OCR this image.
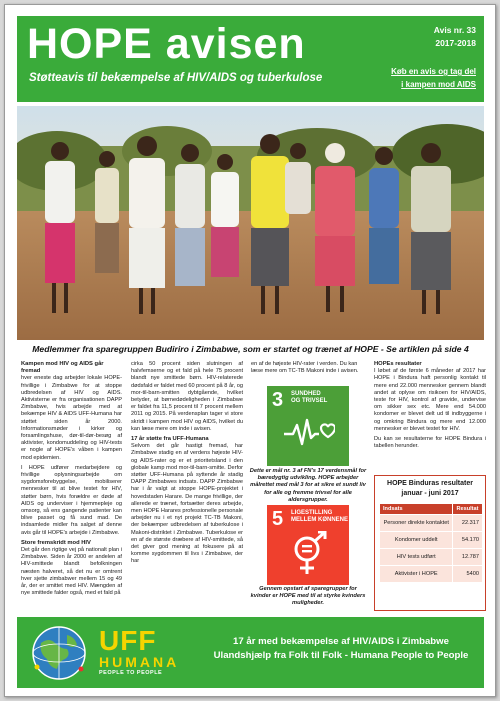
HOPE avisen
Støtteavis til bekæmpelse af HIV/AIDS og tuberkulose
Avis nr. 33
2017-2018
Køb en avis og tag del
i kampen mod AIDS
Medlemmer fra sparegruppen Budiriro i Zimbabwe, som er startet og trænet af HOPE - Se artiklen på side 4
Kampen mod HIV og AIDS går fremad

hver eneste dag arbejder lokale HOPE-frivillige i Zimbabwe for at stoppe udbredelsen af HIV og AIDS. Aktivisterne er fra organisationen DAPP Zimbabwe, hvis arbejde med at bekæmpe HIV & AIDS UFF-Humana har støttet siden år 2000. Informationsmøder i kirker og forsamlingshuse, dør-til-dør-besøg af aktivister, kondomuddeling og HIV-tests er nogle af HOPE's våben i kampen mod epidemien.

I HOPE udfører medarbejdere og frivillige oplysningsarbejde om sygdomsforebyggelse, mobiliserer mennesker til at blive testet for HIV, støtter børn, hvis forældre er døde af AIDS og underviser i hjemmepleje og omsorg, så ens gangende patienter kan blive passet og få sund mad. De indsamlede midler fra salget af denne avis går til HOPE's arbejde i Zimbabwe.

Store fremskridt mod HIV

Det går den rigtige vej på nationalt plan i Zimbabwe. Siden år 2000 er andelen af HIV-smittede blandt befolkningen næsten halveret, så det nu er omtrent hver sjette zimbabwer mellem 15 og 49 år, der er smittet med HIV. Mængden af nye smittede falder også, med et fald på

cirka 50 procent siden slutningen af halvfemserne og et fald på hele 75 procent blandt nye smittede børn. HIV-relaterede dødsfald er faldet med 60 procent på 8 år, og mor-til-barn-smitten dybtgående, hvilket betyder, at børnedødeligheden i Zimbabwe er faldet fra 11,5 procent til 7 procent mellem 2011 og 2015. På verdensplan tager vi store skridt i kampen mod HIV og AIDS, hvilket du kan læse mere om inde i avisen.

17 år støtte fra UFF-Humana

Selvom det går hastigt fremad, har Zimbabwe stadig en af verdens højeste HIV- og AIDS-rater og er et prioritetsland i den globale kamp mod mor-til-barn-smitte. Derfor støtter UFF-Humana på syttende år stadig DAPP Zimbabwes indsats. DAPP Zimbabwe har i år valgt at stoppe HOPE-projektet i hovedstaden Harare. De mange frivillige, der allerede er trænet, fortsætter deres arbejde, men HOPE Harares professionelle personale arbejder nu i et nyt projekt TC-TB Makoni, der bekæmper udbredelsen af tuberkulose i Makoni-distriktet i Zimbabwe. Tuberkulose er en af de største dræbere af HIV-smittede, så det giver god mening at fokusere på at komme sygdommen til livs i Zimbabwe, der har

en af de højeste HIV-rater i verden. Du kan læse mere om TC-TB Makoni inde i avisen.

3 SUNDHED
OG TRIVSEL
Dette er mål nr. 3 af FN's 17 verdensmål for bæredygtig udvikling. HOPE arbejder målrettet med mål 3 for at sikre et sundt liv for alle og fremme trivsel for alle aldersgrupper.
5 LIGESTILLING
MELLEM KØNNENE
Gennem opstart af sparegrupper for kvinder er HOPE med til at styrke kvinders muligheder.
HOPEs resultater

I løbet af de første 6 måneder af 2017 har HOPE i Bindura haft personlig kontakt til mere end 22.000 mennesker gennem blandt andet at oplyse om risikoen for HIV/AIDS, teste for HIV, kontrol af gravide, undervise om sikker sex etc. Mere end 54.000 kondomer er blevet delt ud til indbyggerne i og omkring Bindura og mere end 12.000 mennesker er blevet testet for HIV.

Du kan se resultaterne for HOPE Bindura i tabellen herunder.

HOPE Binduras resultater
januar - juni 2017
Indsats	Resultat
Personer direkte kontaktet	22.317
Kondomer uddelt	54.170
HIV tests udført	12.787
Aktivister i HOPE	5400
UFF
HUMANA
PEOPLE TO PEOPLE
17 år med bekæmpelse af HIV/AIDS i Zimbabwe
Ulandshjælp fra Folk til Folk - Humana People to People
